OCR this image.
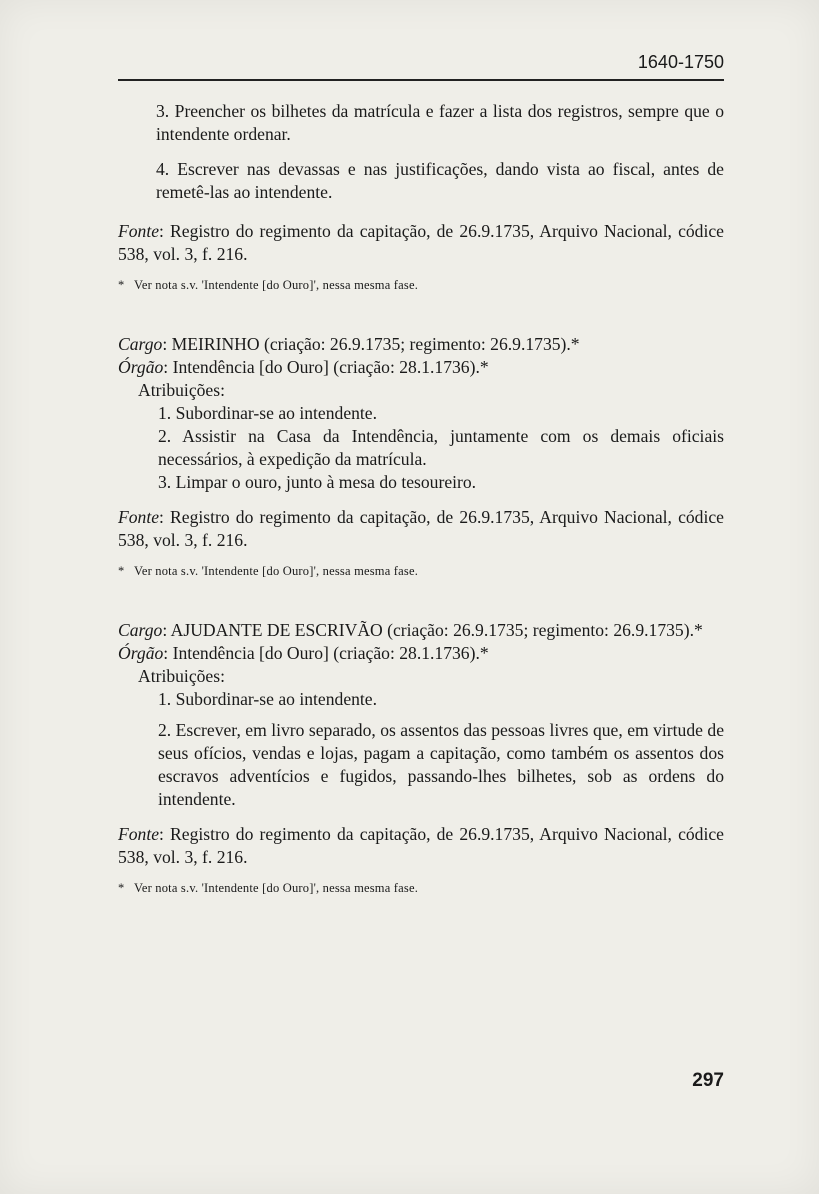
1640-1750

3. Preencher os bilhetes da matrícula e fazer a lista dos registros, sempre que o intendente ordenar.

4. Escrever nas devassas e nas justificações, dando vista ao fiscal, antes de remetê-las ao intendente.

Fonte: Registro do regimento da capitação, de 26.9.1735, Arquivo Nacional, códice 538, vol. 3, f. 216.

* Ver nota s.v. 'Intendente [do Ouro]', nessa mesma fase.

Cargo: MEIRINHO (criação: 26.9.1735; regimento: 26.9.1735).*

Órgão: Intendência [do Ouro] (criação: 28.1.1736).*

Atribuições:

1. Subordinar-se ao intendente.

2. Assistir na Casa da Intendência, juntamente com os demais oficiais necessários, à expedição da matrícula.

3. Limpar o ouro, junto à mesa do tesoureiro.

Fonte: Registro do regimento da capitação, de 26.9.1735, Arquivo Nacional, códice 538, vol. 3, f. 216.

* Ver nota s.v. 'Intendente [do Ouro]', nessa mesma fase.

Cargo: AJUDANTE DE ESCRIVÃO (criação: 26.9.1735; regimento: 26.9.1735).*

Órgão: Intendência [do Ouro] (criação: 28.1.1736).*

Atribuições:

1. Subordinar-se ao intendente.

2. Escrever, em livro separado, os assentos das pessoas livres que, em virtude de seus ofícios, vendas e lojas, pagam a capitação, como também os assentos dos escravos adventícios e fugidos, passando-lhes bilhetes, sob as ordens do intendente.

Fonte: Registro do regimento da capitação, de 26.9.1735, Arquivo Nacional, códice 538, vol. 3, f. 216.

* Ver nota s.v. 'Intendente [do Ouro]', nessa mesma fase.

297
